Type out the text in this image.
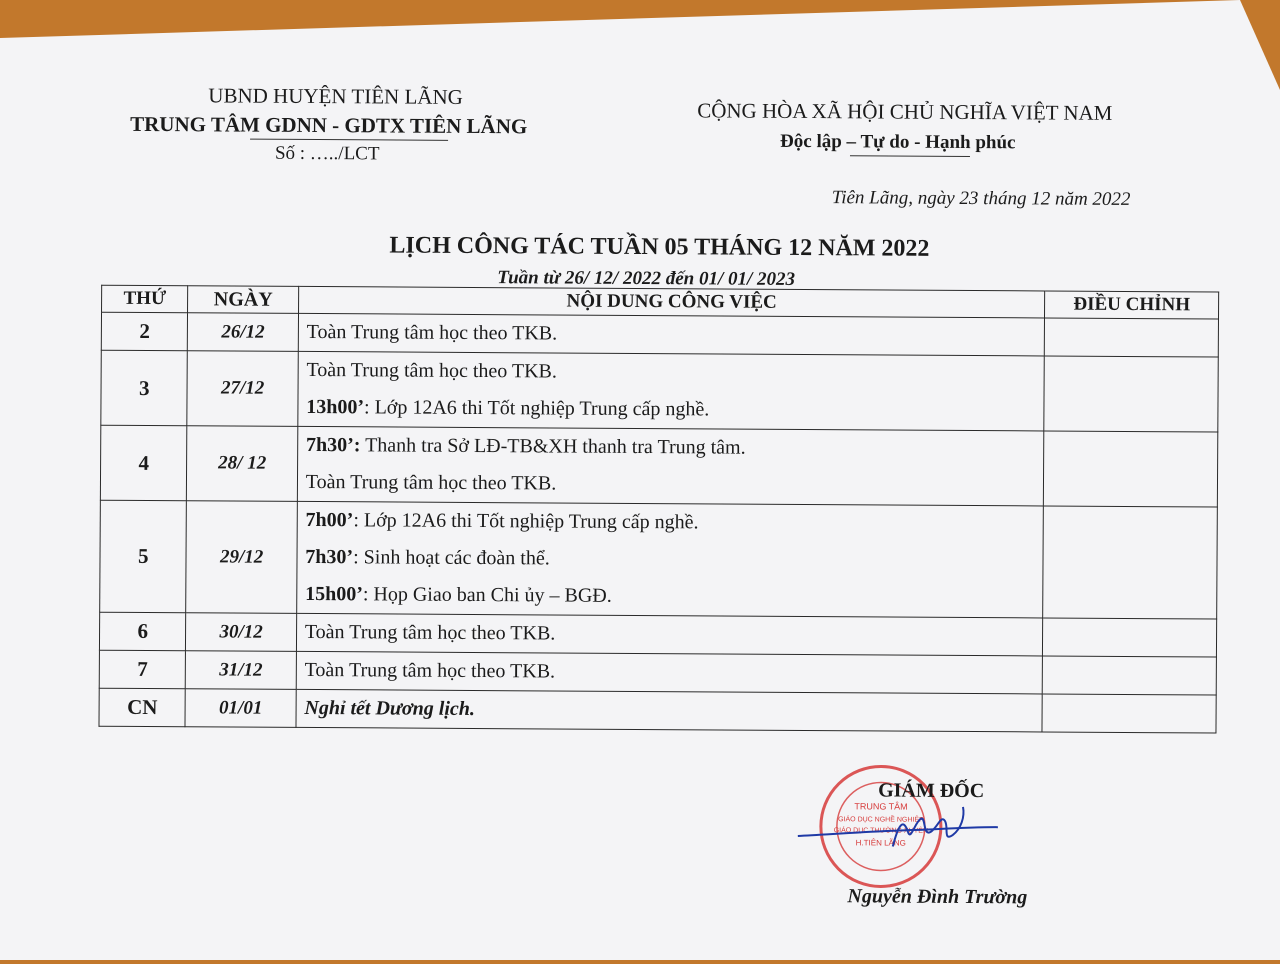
UBND HUYỆN TIÊN LÃNG
TRUNG TÂM GDNN - GDTX TIÊN LÃNG
Số : …../LCT
CỘNG HÒA XÃ HỘI CHỦ NGHĨA VIỆT NAM
Độc lập – Tự do - Hạnh phúc
Tiên Lãng, ngày 23 tháng 12 năm 2022
LỊCH CÔNG TÁC TUẦN 05 THÁNG 12 NĂM 2022
Tuần từ 26/ 12/ 2022 đến 01/ 01/ 2023
THỨ	NGÀY	NỘI DUNG CÔNG VIỆC	ĐIỀU CHỈNH
2	26/12	Toàn Trung tâm học theo TKB.	

3	27/12	Toàn Trung tâm học theo TKB.
13h00’: Lớp 12A6 thi Tốt nghiệp Trung cấp nghề.	

4	28/ 12	7h30’: Thanh tra Sở LĐ-TB&XH thanh tra Trung tâm.
Toàn Trung tâm học theo TKB.	

5	29/12	7h00’: Lớp 12A6 thi Tốt nghiệp Trung cấp nghề.
7h30’: Sinh hoạt các đoàn thể.
15h00’: Họp Giao ban Chi ủy – BGĐ.	

6	30/12	Toàn Trung tâm học theo TKB.	

7	31/12	Toàn Trung tâm học theo TKB.	

CN	01/01	Nghỉ tết Dương lịch.	

TRUNG TÂM
GIÁO DỤC NGHỀ NGHIỆP
GIÁO DỤC THƯỜNG XUYÊN
H.TIÊN LÃNG
GIÁM ĐỐC
Nguyễn Đình Trường
